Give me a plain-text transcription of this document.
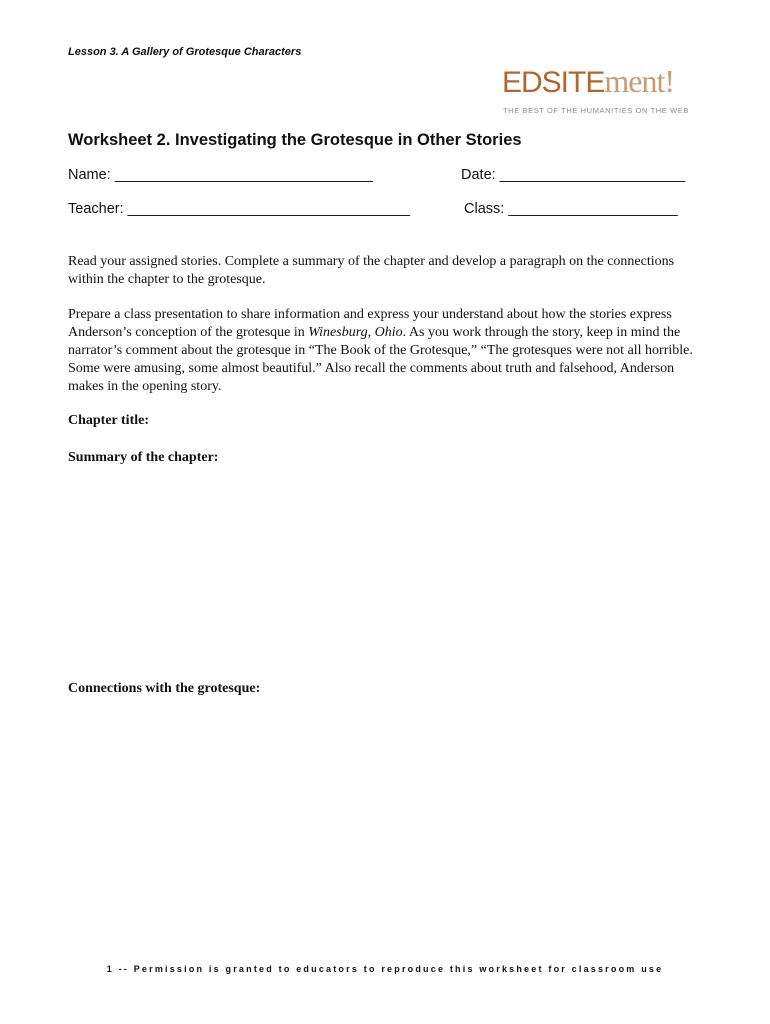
Lesson 3. A Gallery of Grotesque Characters
EDSITEment!
THE BEST OF THE HUMANITIES ON THE WEB
Worksheet 2. Investigating the Grotesque in Other Stories
Name: ________________________________	Date: _______________________
Teacher: ___________________________________	Class: _____________________
Read your assigned stories. Complete a summary of the chapter and develop a paragraph on the connections within the chapter to the grotesque.
Prepare a class presentation to share information and express your understand about how the stories express Anderson’s conception of the grotesque in Winesburg, Ohio. As you work through the story, keep in mind the narrator’s comment about the grotesque in “The Book of the Grotesque,” “The grotesques were not all horrible. Some were amusing, some almost beautiful.” Also recall the comments about truth and falsehood, Anderson makes in the opening story.
Chapter title:
Summary of the chapter:
Connections with the grotesque:
1 -- Permission is granted to educators to reproduce this worksheet for classroom use
